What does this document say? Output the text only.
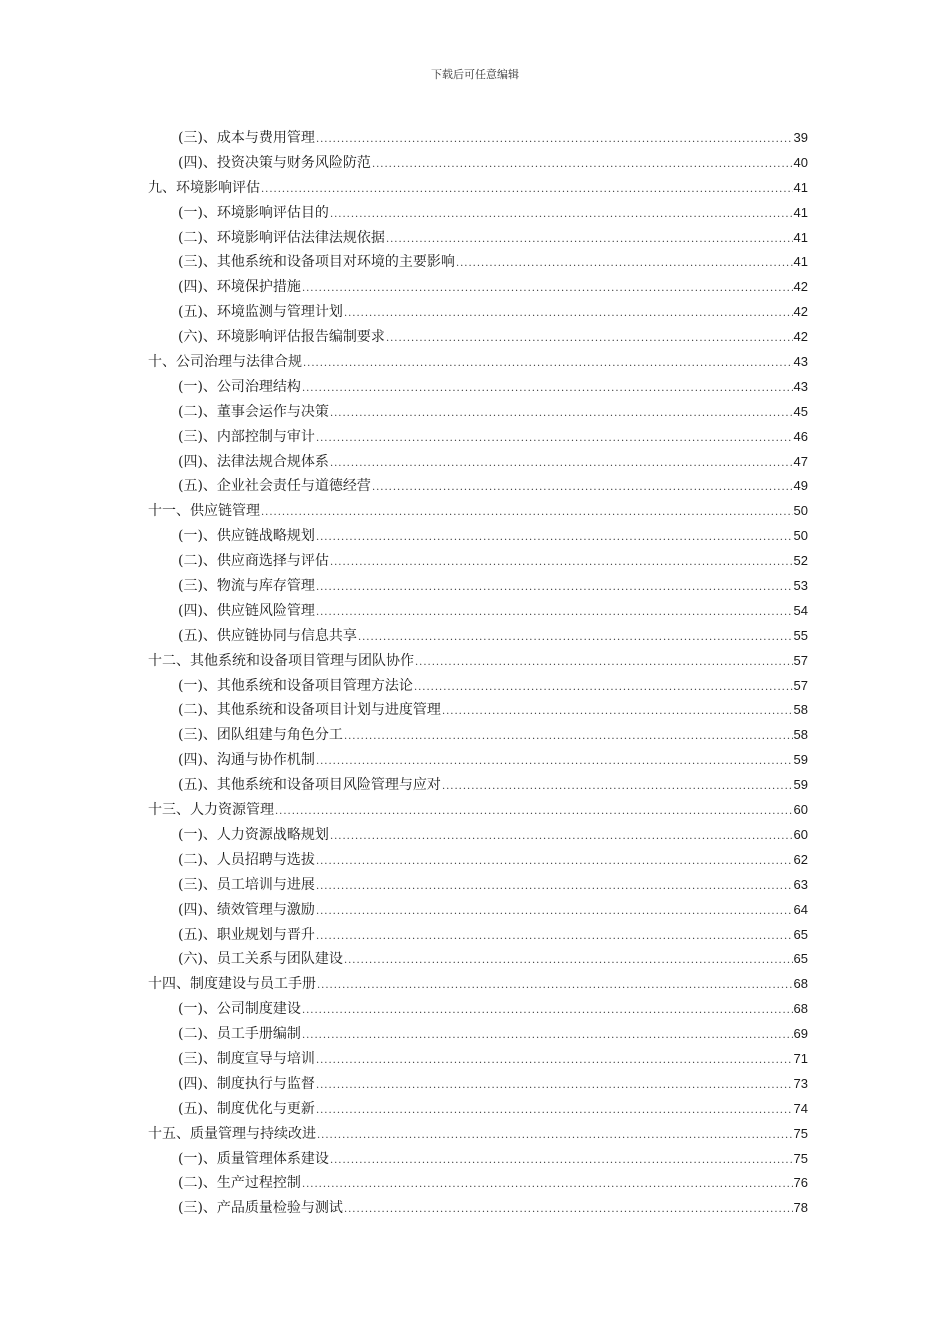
下载后可任意编辑
(三)、成本与费用管理 .....	39
(四)、投资决策与财务风险防范 .....	40
九、环境影响评估 .....	41
(一)、环境影响评估目的 .....	41
(二)、环境影响评估法律法规依据 .....	41
(三)、其他系统和设备项目对环境的主要影响 .....	41
(四)、环境保护措施 .....	42
(五)、环境监测与管理计划 .....	42
(六)、环境影响评估报告编制要求 .....	42
十、公司治理与法律合规 .....	43
(一)、公司治理结构 .....	43
(二)、董事会运作与决策 .....	45
(三)、内部控制与审计 .....	46
(四)、法律法规合规体系 .....	47
(五)、企业社会责任与道德经营 .....	49
十一、供应链管理 .....	50
(一)、供应链战略规划 .....	50
(二)、供应商选择与评估 .....	52
(三)、物流与库存管理 .....	53
(四)、供应链风险管理 .....	54
(五)、供应链协同与信息共享 .....	55
十二、其他系统和设备项目管理与团队协作 .....	57
(一)、其他系统和设备项目管理方法论 .....	57
(二)、其他系统和设备项目计划与进度管理 .....	58
(三)、团队组建与角色分工 .....	58
(四)、沟通与协作机制 .....	59
(五)、其他系统和设备项目风险管理与应对 .....	59
十三、人力资源管理 .....	60
(一)、人力资源战略规划 .....	60
(二)、人员招聘与选拔 .....	62
(三)、员工培训与进展 .....	63
(四)、绩效管理与激励 .....	64
(五)、职业规划与晋升 .....	65
(六)、员工关系与团队建设 .....	65
十四、制度建设与员工手册 .....	68
(一)、公司制度建设 .....	68
(二)、员工手册编制 .....	69
(三)、制度宣导与培训 .....	71
(四)、制度执行与监督 .....	73
(五)、制度优化与更新 .....	74
十五、质量管理与持续改进 .....	75
(一)、质量管理体系建设 .....	75
(二)、生产过程控制 .....	76
(三)、产品质量检验与测试 .....	78
